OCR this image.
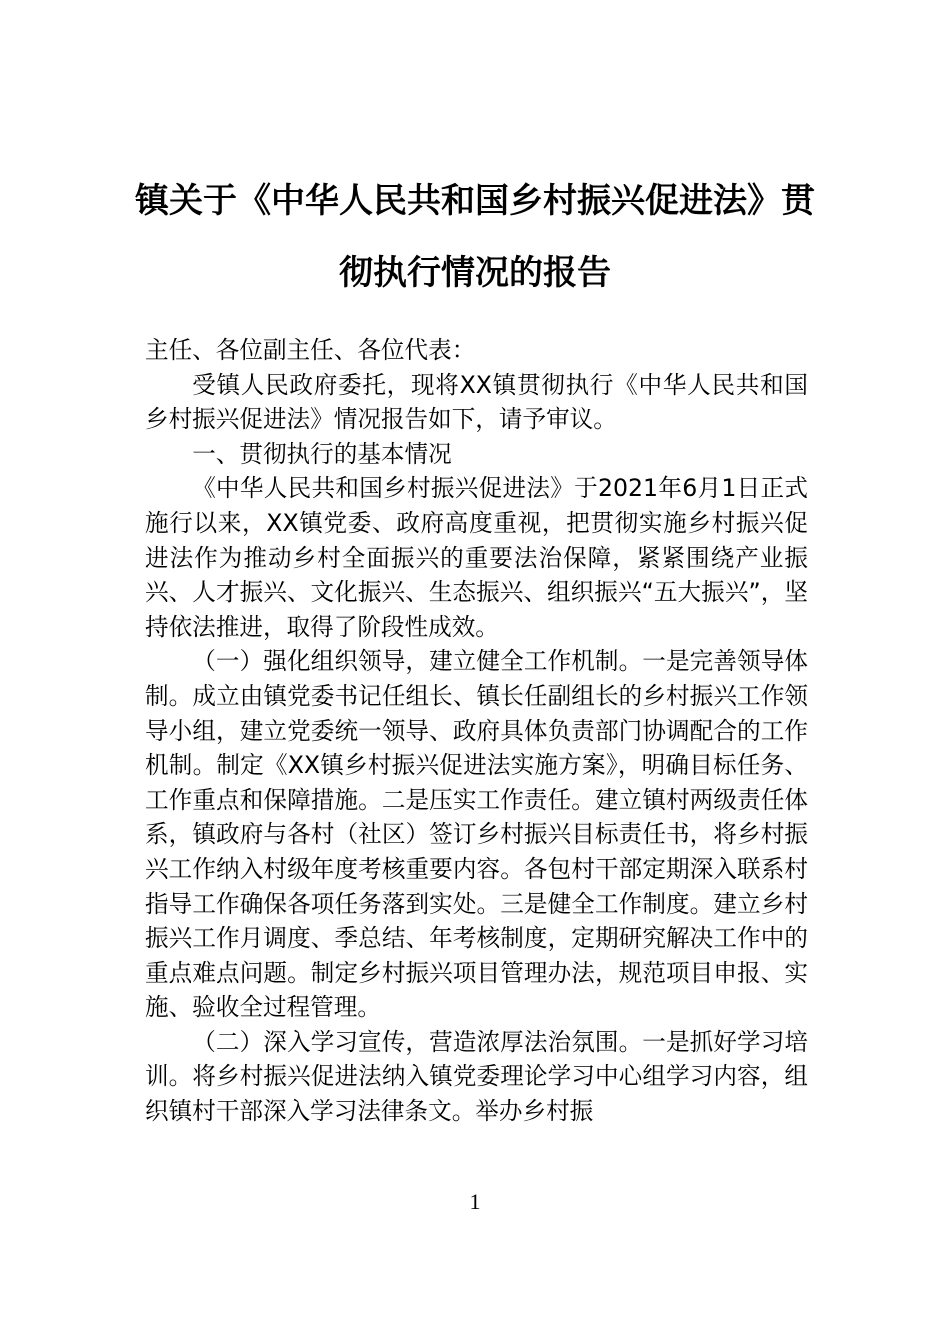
镇关于《中华人民共和国乡村振兴促进法》贯彻执行情况的报告

主任、各位副主任、各位代表：

受镇人民政府委托，现将XX镇贯彻执行《中华人民共和国乡村振兴促进法》情况报告如下，请予审议。

一、贯彻执行的基本情况

《中华人民共和国乡村振兴促进法》于2021年6月1日正式施行以来，XX镇党委、政府高度重视，把贯彻实施乡村振兴促进法作为推动乡村全面振兴的重要法治保障，紧紧围绕产业振兴、人才振兴、文化振兴、生态振兴、组织振兴“五大振兴”，坚持依法推进，取得了阶段性成效。

（一）强化组织领导，建立健全工作机制。一是完善领导体制。成立由镇党委书记任组长、镇长任副组长的乡村振兴工作领导小组，建立党委统一领导、政府具体负责部门协调配合的工作机制。制定《XX镇乡村振兴促进法实施方案》，明确目标任务、工作重点和保障措施。二是压实工作责任。建立镇村两级责任体系，镇政府与各村（社区）签订乡村振兴目标责任书，将乡村振兴工作纳入村级年度考核重要内容。各包村干部定期深入联系村指导工作确保各项任务落到实处。三是健全工作制度。建立乡村振兴工作月调度、季总结、年考核制度，定期研究解决工作中的重点难点问题。制定乡村振兴项目管理办法，规范项目申报、实施、验收全过程管理。

（二）深入学习宣传，营造浓厚法治氛围。一是抓好学习培训。将乡村振兴促进法纳入镇党委理论学习中心组学习内容，组织镇村干部深入学习法律条文。举办乡村振

1
